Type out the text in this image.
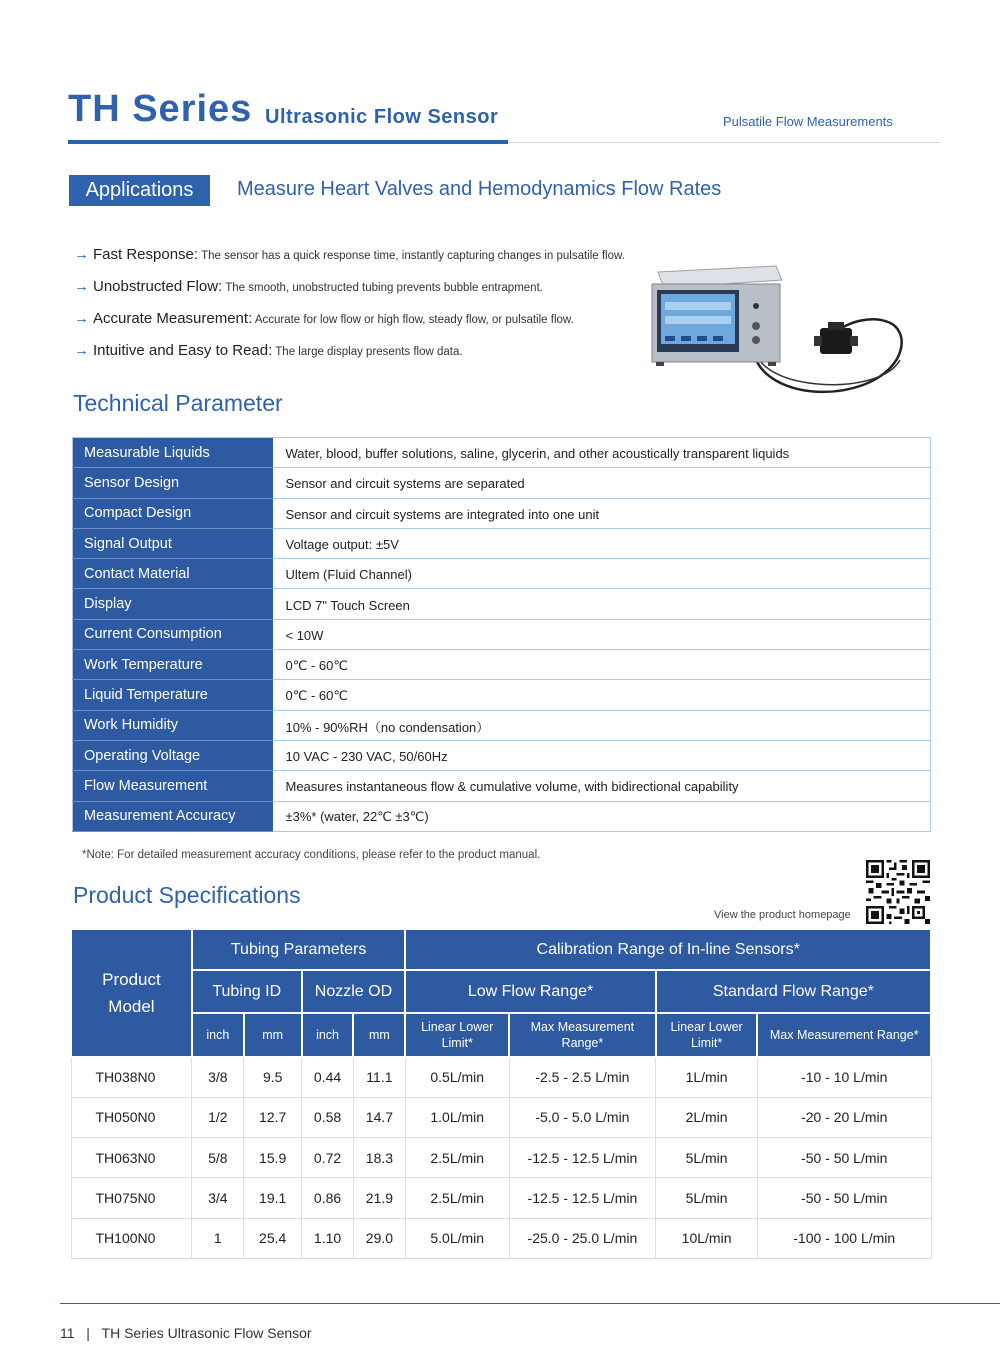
TH Series Ultrasonic Flow Sensor	Pulsatile Flow Measurements
Applications	Measure Heart Valves and Hemodynamics Flow Rates
→ Fast Response: The sensor has a quick response time, instantly capturing changes in pulsatile flow.
→ Unobstructed Flow: The smooth, unobstructed tubing prevents bubble entrapment.
→ Accurate Measurement: Accurate for low flow or high flow, steady flow, or pulsatile flow.
→ Intuitive and Easy to Read: The large display presents flow data.
Technical Parameter
Measurable Liquids	Water, blood, buffer solutions, saline, glycerin, and other acoustically transparent liquids
Sensor Design	Sensor and circuit systems are separated
Compact Design	Sensor and circuit systems are integrated into one unit
Signal Output	Voltage output: ±5V
Contact Material	Ultem (Fluid Channel)
Display	LCD 7" Touch Screen
Current Consumption	< 10W
Work Temperature	0℃ - 60℃
Liquid Temperature	0℃ - 60℃
Work Humidity	10% - 90%RH（no condensation）
Operating Voltage	10 VAC - 230 VAC, 50/60Hz
Flow Measurement	Measures instantaneous flow & cumulative volume, with bidirectional capability
Measurement Accuracy	±3%* (water, 22℃ ±3℃)
*Note: For detailed measurement accuracy conditions, please refer to the product manual.
Product Specifications
View the product homepage
Product Model	Tubing Parameters				Calibration Range of In-line Sensors*			
	Tubing ID		Nozzle OD		Low Flow Range*		Standard Flow Range*	
	inch	mm	inch	mm	Linear Lower Limit*	Max Measurement Range*	Linear Lower Limit*	Max Measurement Range*
TH038N0	3/8	9.5	0.44	11.1	0.5L/min	-2.5 - 2.5 L/min	1L/min	-10 - 10 L/min
TH050N0	1/2	12.7	0.58	14.7	1.0L/min	-5.0 - 5.0 L/min	2L/min	-20 - 20 L/min
TH063N0	5/8	15.9	0.72	18.3	2.5L/min	-12.5 - 12.5 L/min	5L/min	-50 - 50 L/min
TH075N0	3/4	19.1	0.86	21.9	2.5L/min	-12.5 - 12.5 L/min	5L/min	-50 - 50 L/min
TH100N0	1	25.4	1.10	29.0	5.0L/min	-25.0 - 25.0 L/min	10L/min	-100 - 100 L/min
11 | TH Series Ultrasonic Flow Sensor
